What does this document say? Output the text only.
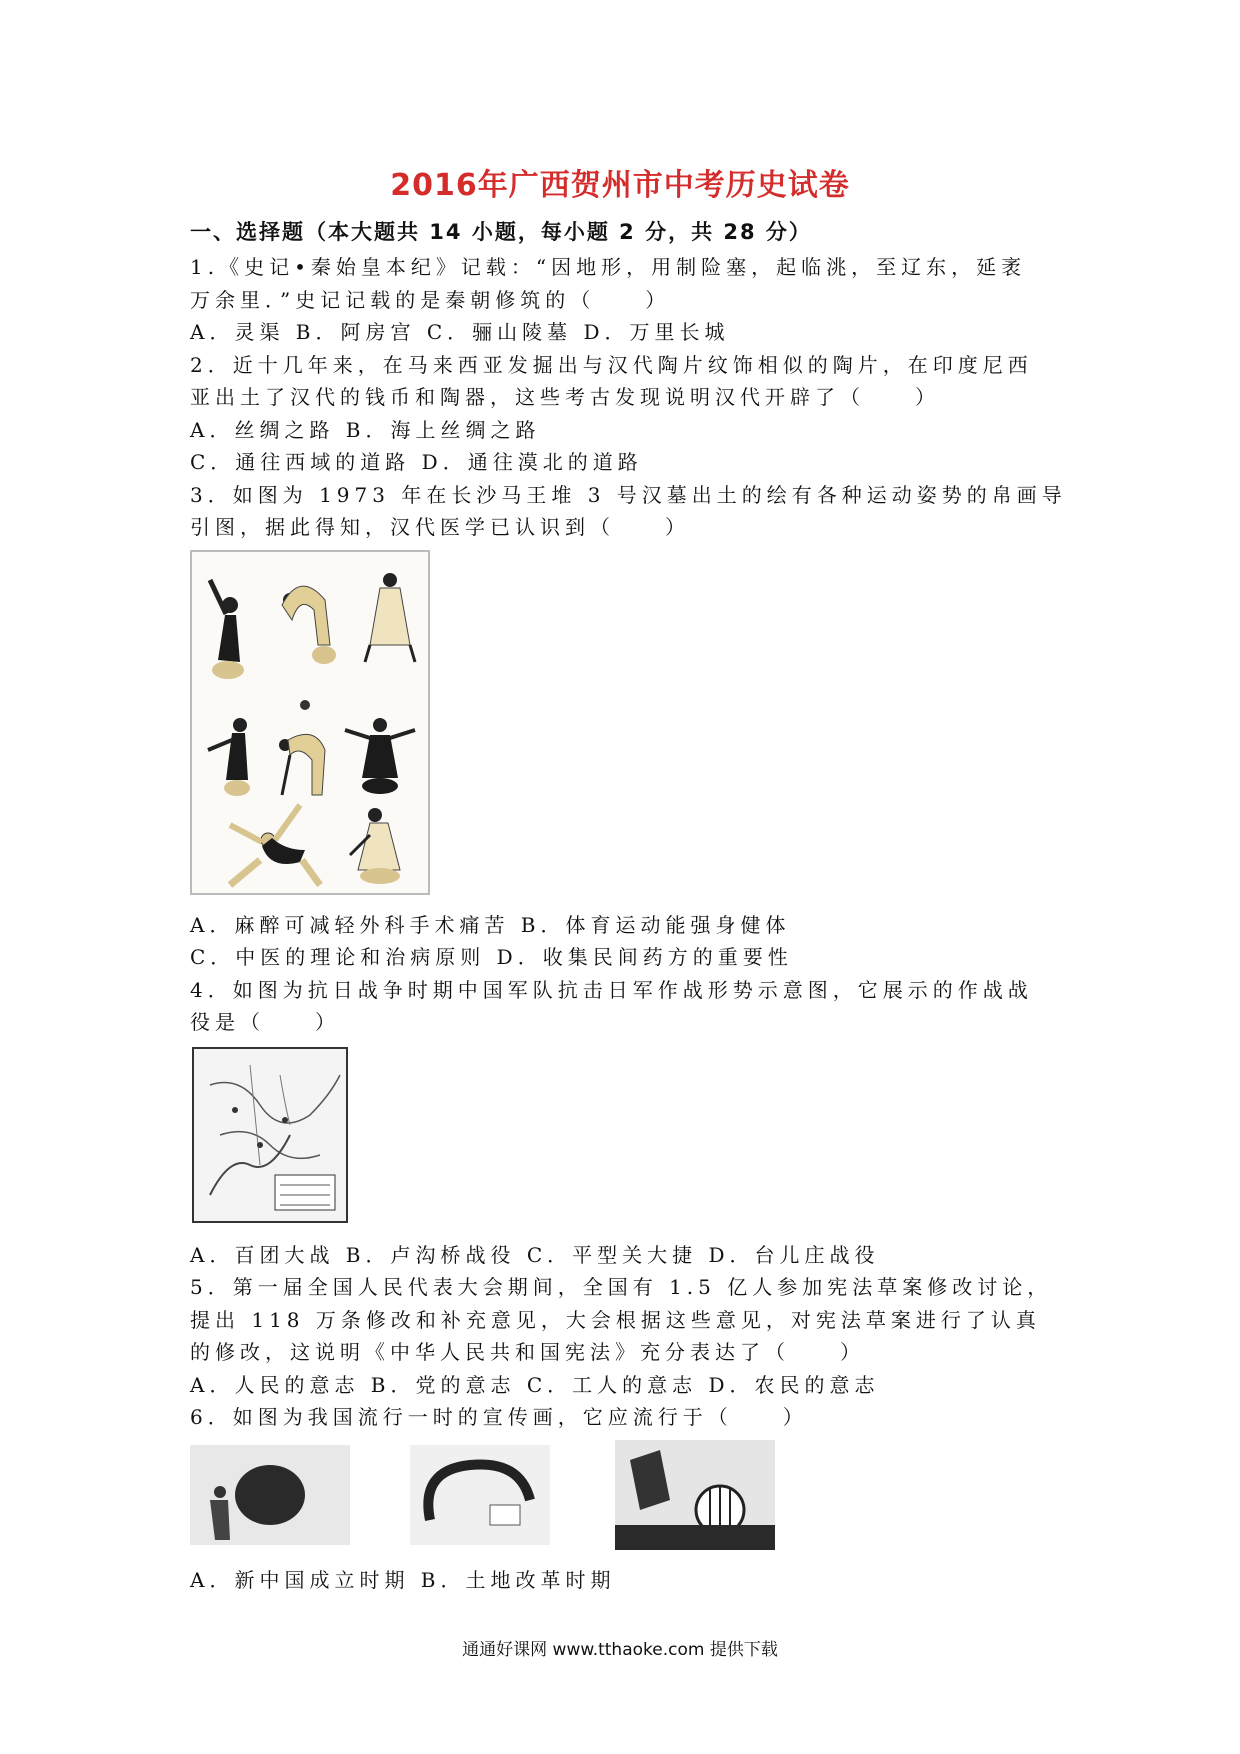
2016年广西贺州市中考历史试卷
一、选择题（本大题共 14 小题，每小题 2 分，共 28 分）
1.《史记•秦始皇本纪》记载：“因地形，用制险塞，起临洮，至辽东，延袤
万余里．”史记记载的是秦朝修筑的（　　）
A．灵渠 B．阿房宫 C．骊山陵墓 D．万里长城
2．近十几年来，在马来西亚发掘出与汉代陶片纹饰相似的陶片，在印度尼西
亚出土了汉代的钱币和陶器，这些考古发现说明汉代开辟了（　　）
A．丝绸之路 B．海上丝绸之路
C．通往西域的道路 D．通往漠北的道路
3．如图为 1973 年在长沙马王堆 3 号汉墓出土的绘有各种运动姿势的帛画导
引图，据此得知，汉代医学已认识到（　　）
A．麻醉可减轻外科手术痛苦 B．体育运动能强身健体
C．中医的理论和治病原则 D．收集民间药方的重要性
4．如图为抗日战争时期中国军队抗击日军作战形势示意图，它展示的作战战
役是（　　）
A．百团大战 B．卢沟桥战役 C．平型关大捷 D．台儿庄战役
5．第一届全国人民代表大会期间，全国有 1.5 亿人参加宪法草案修改讨论，
提出 118 万条修改和补充意见，大会根据这些意见，对宪法草案进行了认真
的修改，这说明《中华人民共和国宪法》充分表达了（　　）
A．人民的意志 B．党的意志 C．工人的意志 D．农民的意志
6．如图为我国流行一时的宣传画，它应流行于（　　）
A．新中国成立时期 B．土地改革时期
通通好课网 www.tthaoke.com 提供下载
